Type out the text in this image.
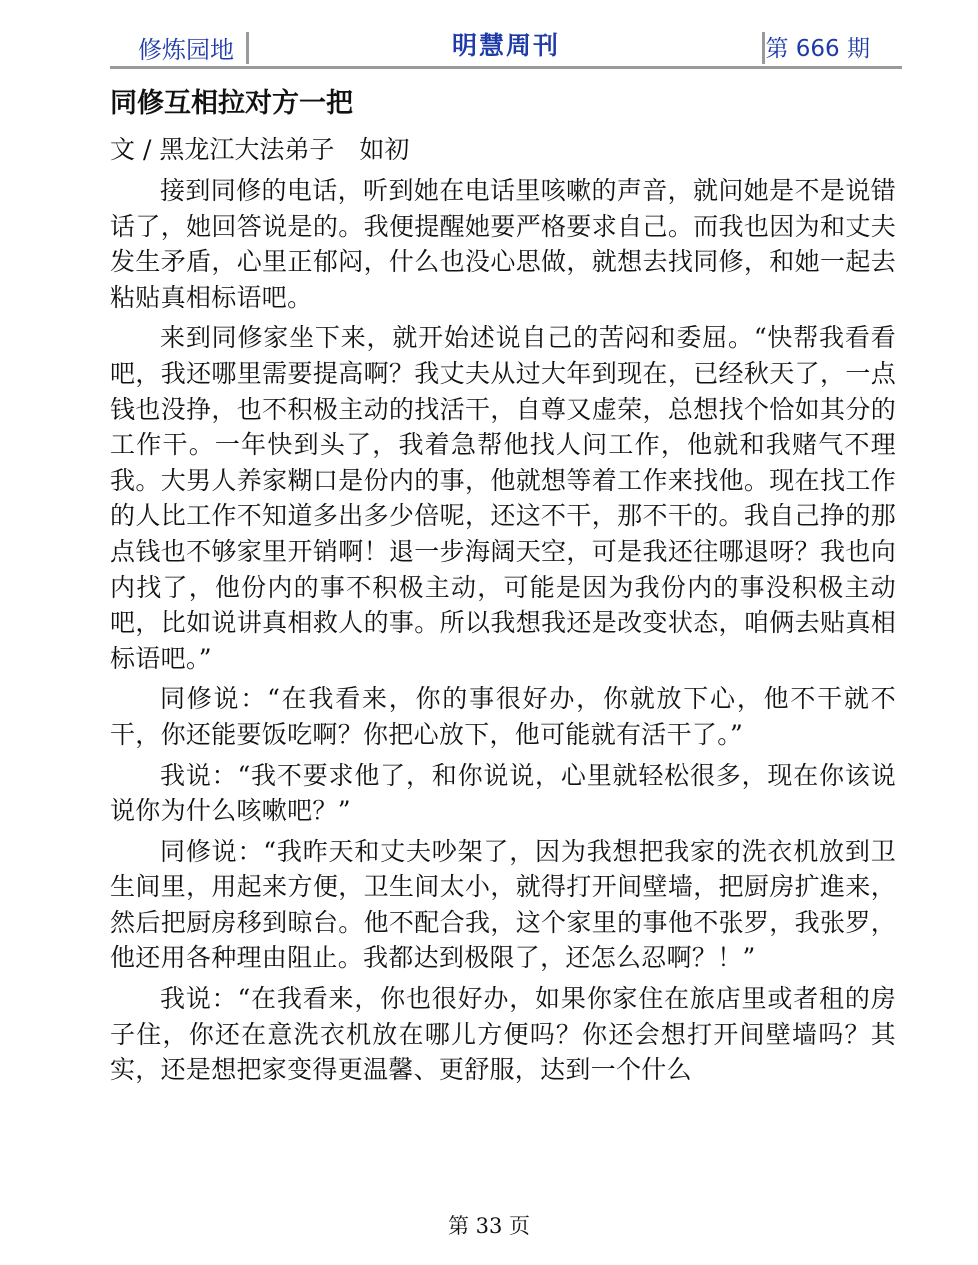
修炼园地	明慧周刊	第 666 期
同修互相拉对方一把

文 / 黑龙江大法弟子　如初

接到同修的电话，听到她在电话里咳嗽的声音，就问她是不是说错话了，她回答说是的。我便提醒她要严格要求自己。而我也因为和丈夫发生矛盾，心里正郁闷，什么也没心思做，就想去找同修，和她一起去粘贴真相标语吧。

来到同修家坐下来，就开始述说自己的苦闷和委屈。“快帮我看看吧，我还哪里需要提高啊？我丈夫从过大年到现在，已经秋天了，一点钱也没挣，也不积极主动的找活干，自尊又虚荣，总想找个恰如其分的工作干。一年快到头了，我着急帮他找人问工作，他就和我赌气不理我。大男人养家糊口是份内的事，他就想等着工作来找他。现在找工作的人比工作不知道多出多少倍呢，还这不干，那不干的。我自己挣的那点钱也不够家里开销啊！退一步海阔天空，可是我还往哪退呀？我也向内找了，他份内的事不积极主动，可能是因为我份内的事没积极主动吧，比如说讲真相救人的事。所以我想我还是改变状态，咱俩去贴真相标语吧。”

同修说：“在我看来，你的事很好办，你就放下心，他不干就不干，你还能要饭吃啊？你把心放下，他可能就有活干了。”

我说：“我不要求他了，和你说说，心里就轻松很多，现在你该说说你为什么咳嗽吧？”

同修说：“我昨天和丈夫吵架了，因为我想把我家的洗衣机放到卫生间里，用起来方便，卫生间太小，就得打开间壁墙，把厨房扩進来，然后把厨房移到晾台。他不配合我，这个家里的事他不张罗，我张罗，他还用各种理由阻止。我都达到极限了，还怎么忍啊？！”

我说：“在我看来，你也很好办，如果你家住在旅店里或者租的房子住，你还在意洗衣机放在哪儿方便吗？你还会想打开间壁墙吗？其实，还是想把家变得更温馨、更舒服，达到一个什么

第 33 页
